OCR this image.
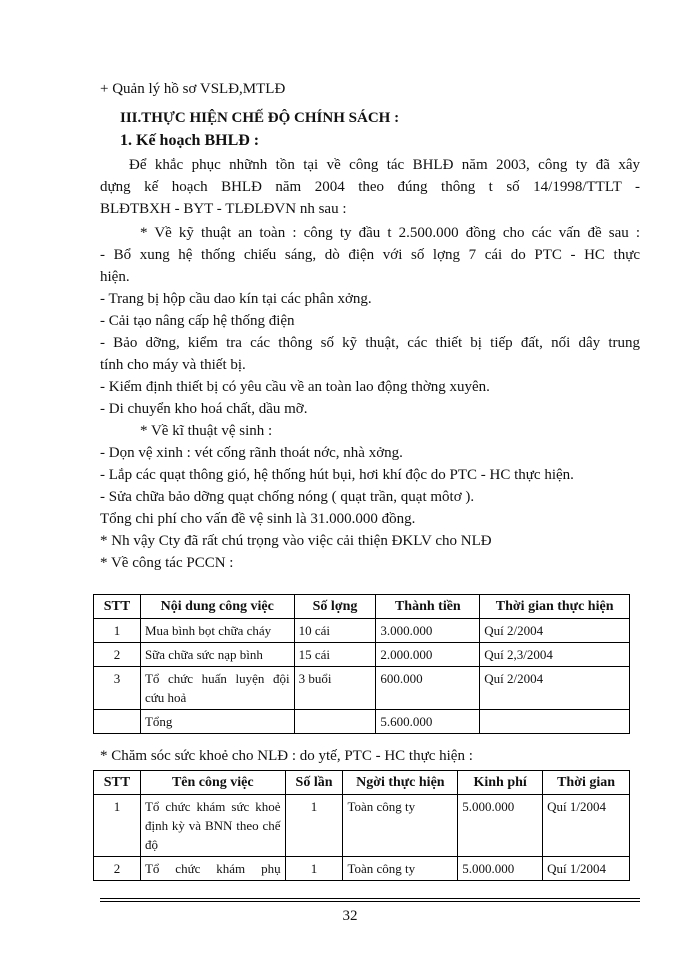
+ Quản lý hồ sơ VSLĐ,MTLĐ
III.THỰC HIỆN CHẾ ĐỘ CHÍNH SÁCH :
1. Kế hoạch BHLĐ :
Để khắc phục nhữnh tồn tại về công tác BHLĐ năm 2003, công ty đã xây
dựng kế hoạch BHLĐ năm 2004 theo đúng thông t số 14/1998/TTLT -
BLĐTBXH - BYT - TLĐLĐVN nh sau :
* Về kỹ thuật an toàn : công ty đầu t 2.500.000 đồng cho các vấn đề sau :
- Bổ xung hệ thống chiếu sáng, dò điện với số lợng 7 cái do PTC - HC thực
hiện.
- Trang bị hộp cầu dao kín tại các phân xởng.
- Cải tạo nâng cấp hệ thống điện
- Bảo dỡng, kiểm tra các thông số kỹ thuật, các thiết bị tiếp đất, nối dây trung
tính cho máy và thiết bị.
- Kiểm định thiết bị có yêu cầu về an toàn lao động thờng xuyên.
- Di chuyển kho hoá chất, dầu mỡ.
* Về kĩ thuật vệ sinh :
- Dọn vệ xinh : vét cống rãnh thoát nớc, nhà xởng.
- Lắp các quạt thông gió, hệ thống hút bụi, hơi khí độc do PTC - HC thực hiện.
- Sửa chữa bảo dỡng quạt chống nóng ( quạt trần, quạt môtơ ).
Tổng chi phí cho vấn đề vệ sinh là 31.000.000 đồng.
* Nh vậy Cty đã rất chú trọng vào việc cải thiện ĐKLV cho NLĐ
* Về công tác PCCN :
STT	Nội dung công việc	Số lợng	Thành tiền	Thời gian thực hiện
1	Mua bình bọt chữa cháy	10 cái	3.000.000	Quí 2/2004
2	Sữa chữa sức nạp bình	15 cái	2.000.000	Quí 2,3/2004
3	Tổ chức huấn luyện đội cứu hoả	3 buổi	600.000	Quí 2/2004
	Tổng		5.600.000	
* Chăm sóc sức khoẻ cho NLĐ : do ytế, PTC - HC thực hiện :
STT	Tên công việc	Số lần	Ngời thực hiện	Kinh phí	Thời gian
1	Tổ chức khám sức khoẻ định kỳ và BNN theo chế độ	1	Toàn công ty	5.000.000	Quí 1/2004
2	Tổ chức khám phụ	1	Toàn công ty	5.000.000	Quí 1/2004
32
